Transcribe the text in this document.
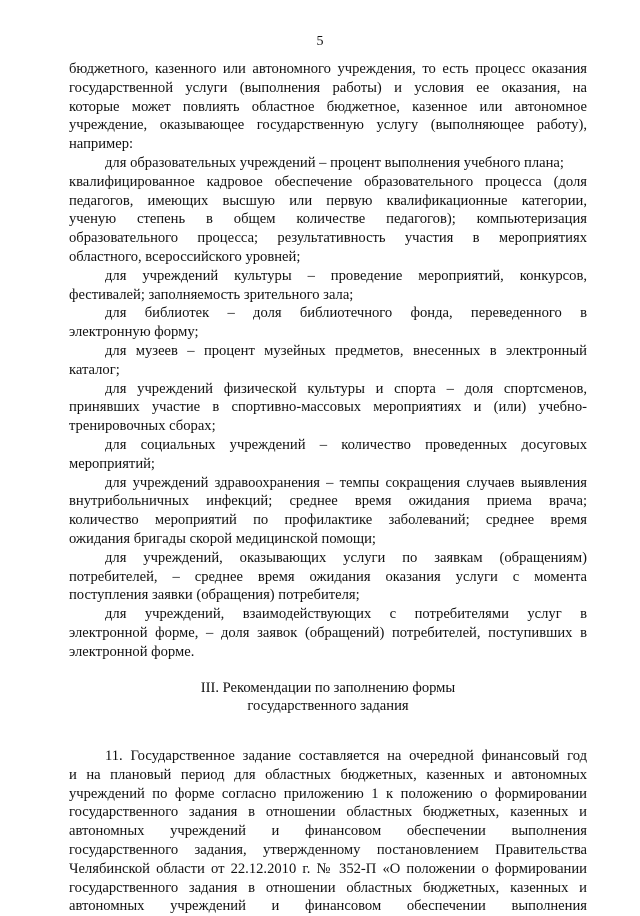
5

бюджетного, казенного или автономного учреждения, то есть процесс оказания

государственной услуги (выполнения работы) и условия ее оказания, на

которые может повлиять областное бюджетное, казенное или автономное

учреждение, оказывающее государственную услугу (выполняющее работу),

например:

для образовательных учреждений – процент выполнения учебного плана;

квалифицированное кадровое обеспечение образовательного процесса (доля

педагогов, имеющих высшую или первую квалификационные категории,

ученую степень в общем количестве педагогов); компьютеризация

образовательного процесса; результативность участия в мероприятиях

областного, всероссийского уровней;

для учреждений культуры – проведение мероприятий, конкурсов,

фестивалей; заполняемость зрительного зала;

для библиотек – доля библиотечного фонда, переведенного в

электронную форму;

для музеев – процент музейных предметов, внесенных в электронный

каталог;

для учреждений физической культуры и спорта – доля спортсменов,

принявших участие в спортивно-массовых мероприятиях и (или) учебно-

тренировочных сборах;

для социальных учреждений – количество проведенных досуговых

мероприятий;

для учреждений здравоохранения – темпы сокращения случаев выявления

внутрибольничных инфекций; среднее время ожидания приема врача;

количество мероприятий по профилактике заболеваний; среднее время

ожидания бригады скорой медицинской помощи;

для учреждений, оказывающих услуги по заявкам (обращениям)

потребителей, – среднее время ожидания оказания услуги с момента

поступления заявки (обращения) потребителя;

для учреждений, взаимодействующих с потребителями услуг в

электронной форме, – доля заявок (обращений) потребителей, поступивших в

электронной форме.

III. Рекомендации по заполнению формы
государственного задания

11. Государственное задание составляется на очередной финансовый год

и на плановый период для областных бюджетных, казенных и автономных

учреждений по форме согласно приложению 1 к положению о формировании

государственного задания в отношении областных бюджетных, казенных и

автономных учреждений и финансовом обеспечении выполнения

государственного задания, утвержденному постановлением Правительства

Челябинской области от 22.12.2010 г. № 352-П «О положении о формировании

государственного задания в отношении областных бюджетных, казенных и

автономных учреждений и финансовом обеспечении выполнения
